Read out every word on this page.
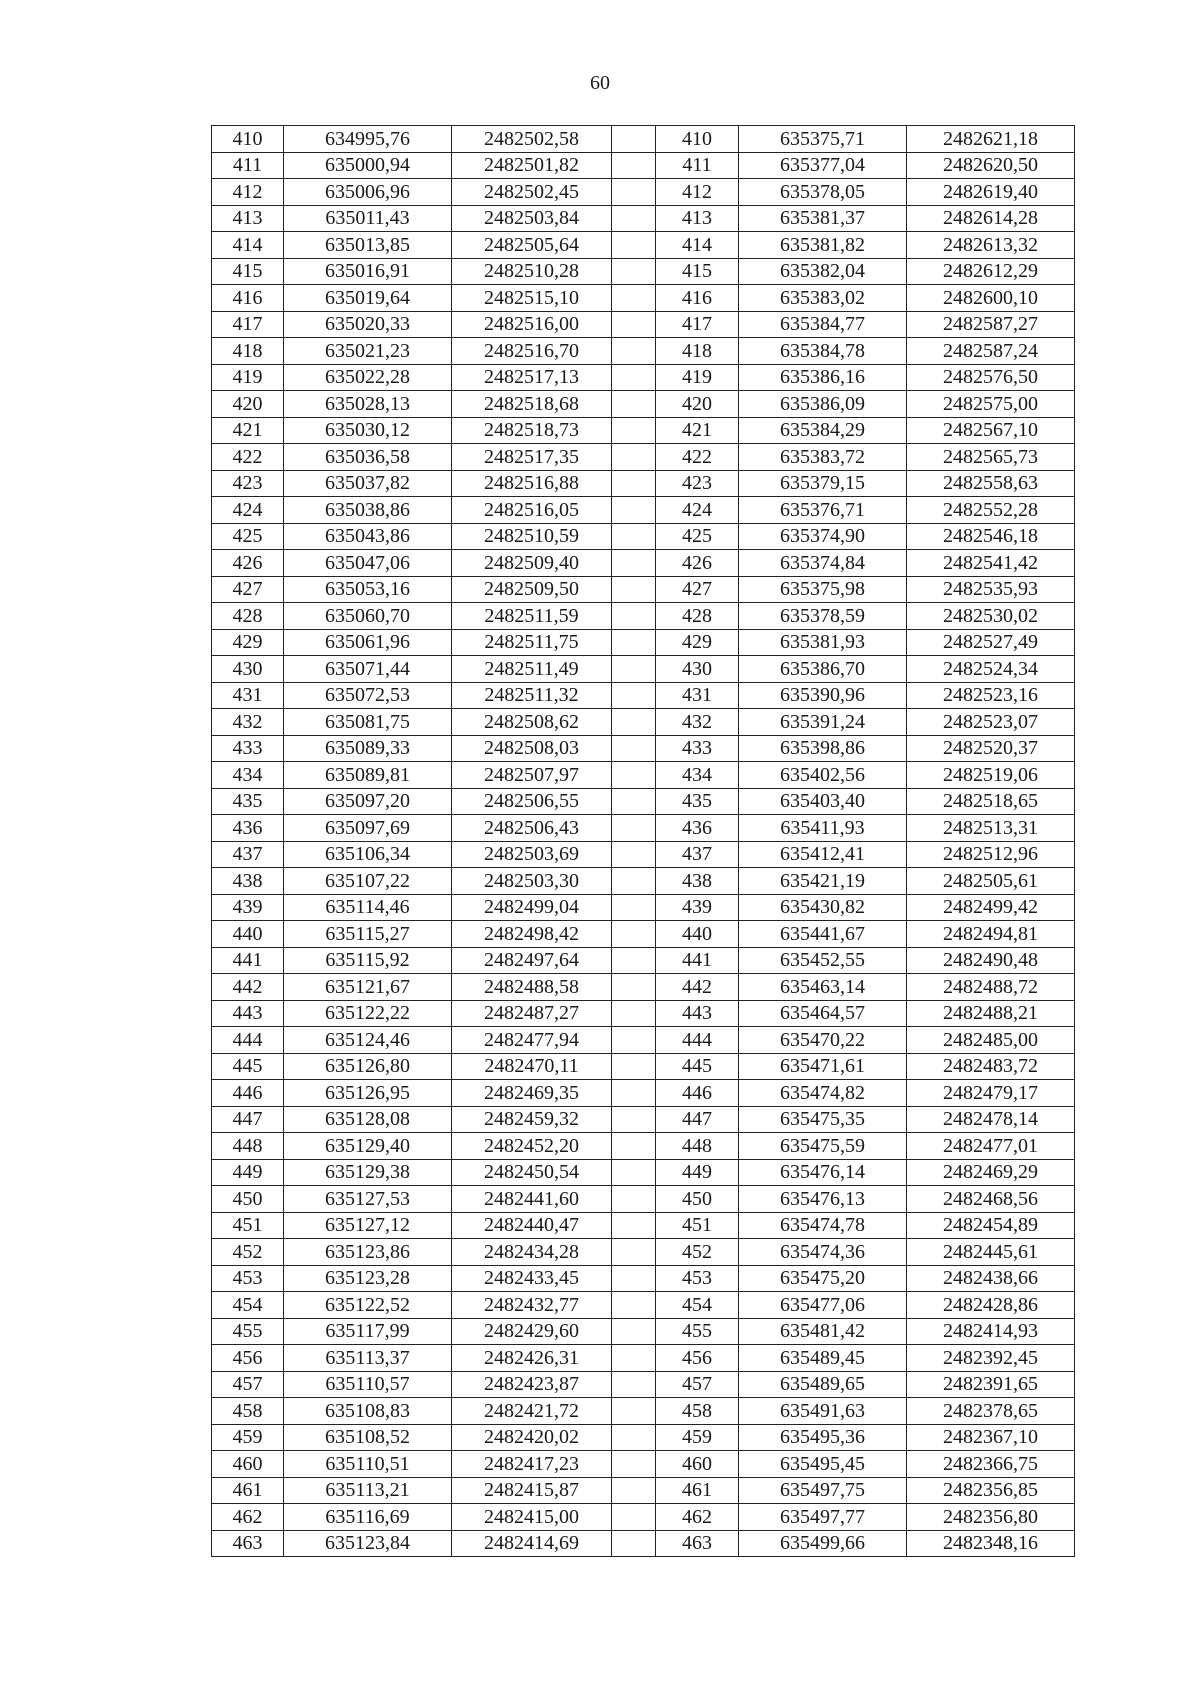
60
410	634995,76	2482502,58		410	635375,71	2482621,18
411	635000,94	2482501,82		411	635377,04	2482620,50
412	635006,96	2482502,45		412	635378,05	2482619,40
413	635011,43	2482503,84		413	635381,37	2482614,28
414	635013,85	2482505,64		414	635381,82	2482613,32
415	635016,91	2482510,28		415	635382,04	2482612,29
416	635019,64	2482515,10		416	635383,02	2482600,10
417	635020,33	2482516,00		417	635384,77	2482587,27
418	635021,23	2482516,70		418	635384,78	2482587,24
419	635022,28	2482517,13		419	635386,16	2482576,50
420	635028,13	2482518,68		420	635386,09	2482575,00
421	635030,12	2482518,73		421	635384,29	2482567,10
422	635036,58	2482517,35		422	635383,72	2482565,73
423	635037,82	2482516,88		423	635379,15	2482558,63
424	635038,86	2482516,05		424	635376,71	2482552,28
425	635043,86	2482510,59		425	635374,90	2482546,18
426	635047,06	2482509,40		426	635374,84	2482541,42
427	635053,16	2482509,50		427	635375,98	2482535,93
428	635060,70	2482511,59		428	635378,59	2482530,02
429	635061,96	2482511,75		429	635381,93	2482527,49
430	635071,44	2482511,49		430	635386,70	2482524,34
431	635072,53	2482511,32		431	635390,96	2482523,16
432	635081,75	2482508,62		432	635391,24	2482523,07
433	635089,33	2482508,03		433	635398,86	2482520,37
434	635089,81	2482507,97		434	635402,56	2482519,06
435	635097,20	2482506,55		435	635403,40	2482518,65
436	635097,69	2482506,43		436	635411,93	2482513,31
437	635106,34	2482503,69		437	635412,41	2482512,96
438	635107,22	2482503,30		438	635421,19	2482505,61
439	635114,46	2482499,04		439	635430,82	2482499,42
440	635115,27	2482498,42		440	635441,67	2482494,81
441	635115,92	2482497,64		441	635452,55	2482490,48
442	635121,67	2482488,58		442	635463,14	2482488,72
443	635122,22	2482487,27		443	635464,57	2482488,21
444	635124,46	2482477,94		444	635470,22	2482485,00
445	635126,80	2482470,11		445	635471,61	2482483,72
446	635126,95	2482469,35		446	635474,82	2482479,17
447	635128,08	2482459,32		447	635475,35	2482478,14
448	635129,40	2482452,20		448	635475,59	2482477,01
449	635129,38	2482450,54		449	635476,14	2482469,29
450	635127,53	2482441,60		450	635476,13	2482468,56
451	635127,12	2482440,47		451	635474,78	2482454,89
452	635123,86	2482434,28		452	635474,36	2482445,61
453	635123,28	2482433,45		453	635475,20	2482438,66
454	635122,52	2482432,77		454	635477,06	2482428,86
455	635117,99	2482429,60		455	635481,42	2482414,93
456	635113,37	2482426,31		456	635489,45	2482392,45
457	635110,57	2482423,87		457	635489,65	2482391,65
458	635108,83	2482421,72		458	635491,63	2482378,65
459	635108,52	2482420,02		459	635495,36	2482367,10
460	635110,51	2482417,23		460	635495,45	2482366,75
461	635113,21	2482415,87		461	635497,75	2482356,85
462	635116,69	2482415,00		462	635497,77	2482356,80
463	635123,84	2482414,69		463	635499,66	2482348,16
